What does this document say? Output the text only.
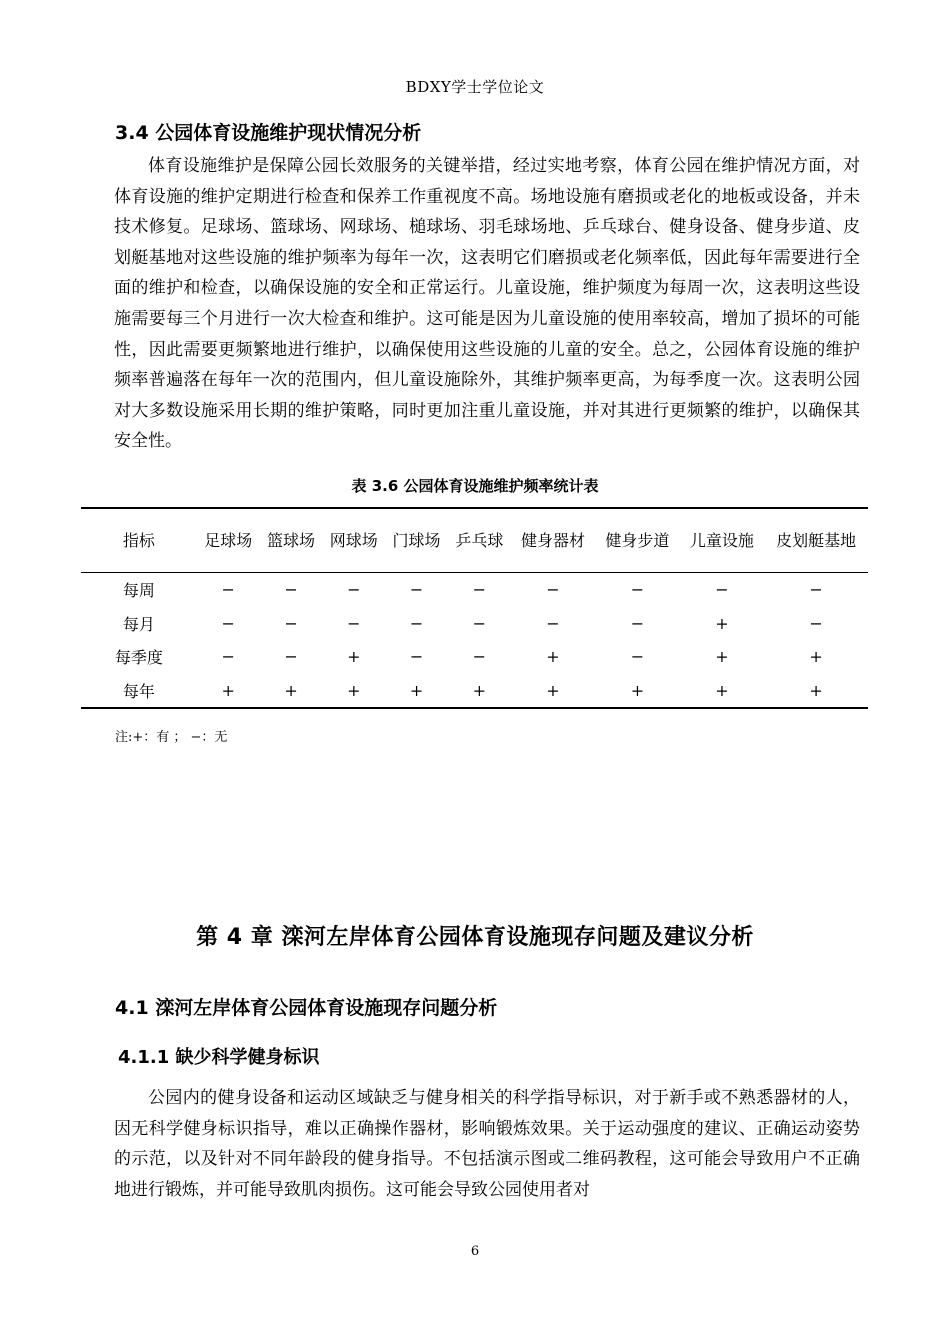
BDXY学士学位论文
3.4 公园体育设施维护现状情况分析

体育设施维护是保障公园长效服务的关键举措，经过实地考察，体育公园在维护情况方面，对体育设施的维护定期进行检查和保养工作重视度不高。场地设施有磨损或老化的地板或设备，并未技术修复。足球场、篮球场、网球场、槌球场、羽毛球场地、乒乓球台、健身设备、健身步道、皮划艇基地对这些设施的维护频率为每年一次，这表明它们磨损或老化频率低，因此每年需要进行全面的维护和检查，以确保设施的安全和正常运行。儿童设施，维护频度为每周一次，这表明这些设施需要每三个月进行一次大检查和维护。这可能是因为儿童设施的使用率较高，增加了损坏的可能性，因此需要更频繁地进行维护，以确保使用这些设施的儿童的安全。总之，公园体育设施的维护频率普遍落在每年一次的范围内，但儿童设施除外，其维护频率更高，为每季度一次。这表明公园对大多数设施采用长期的维护策略，同时更加注重儿童设施，并对其进行更频繁的维护，以确保其安全性。

表 3.6 公园体育设施维护频率统计表
指标	足球场	篮球场	网球场	门球场	乒乓球	健身器材	健身步道	儿童设施	皮划艇基地
每周	−	−	−	−	−	−	−	−	−
每月	−	−	−	−	−	−	−	+	−
每季度	−	−	+	−	−	+	−	+	+
每年	+	+	+	+	+	+	+	+	+
注:+：有 ； −：无
第 4 章 滦河左岸体育公园体育设施现存问题及建议分析
4.1 滦河左岸体育公园体育设施现存问题分析
4.1.1 缺少科学健身标识

公园内的健身设备和运动区域缺乏与健身相关的科学指导标识，对于新手或不熟悉器材的人，因无科学健身标识指导，难以正确操作器材，影响锻炼效果。关于运动强度的建议、正确运动姿势的示范，以及针对不同年龄段的健身指导。不包括演示图或二维码教程，这可能会导致用户不正确地进行锻炼，并可能导致肌肉损伤。这可能会导致公园使用者对

6
